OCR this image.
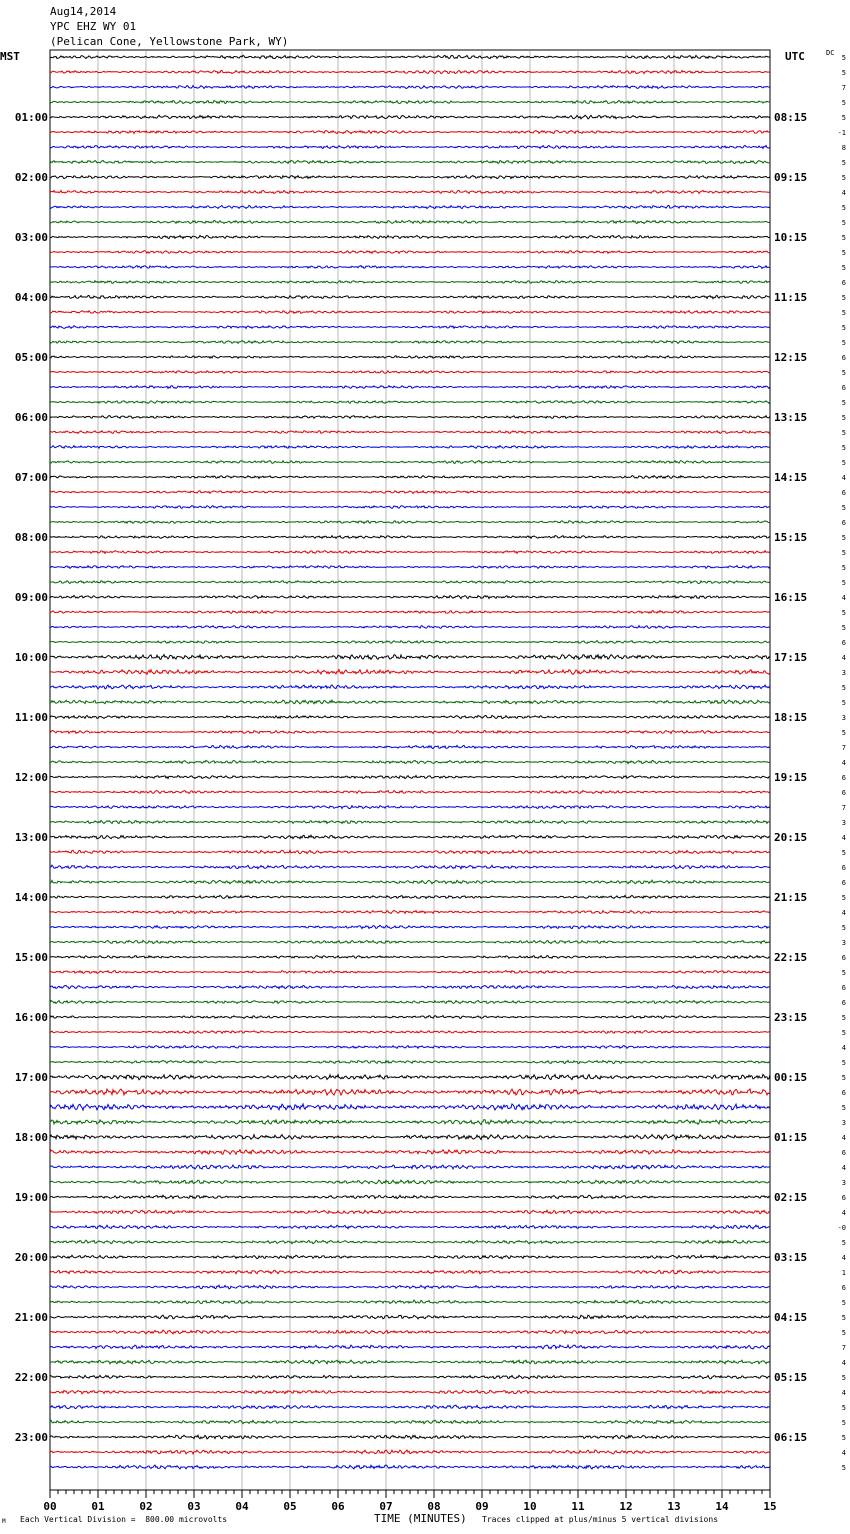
Aug14,2014
YPC EHZ WY 01
(Pelican Cone, Yellowstone Park, WY)
MST	UTC	DC
01:00
02:00
03:00
04:00
05:00
06:00
07:00
08:00
09:00
10:00
11:00
12:00
13:00
14:00
15:00
16:00
17:00
18:00
19:00
20:00
21:00
22:00
23:00
08:15
09:15
10:15
11:15
12:15
13:15
14:15
15:15
16:15
17:15
18:15
19:15
20:15
21:15
22:15
23:15
00:15
01:15
02:15
03:15
04:15
05:15
06:15
5
5
7
5
5
-1
8
5
5
4
5
5
5
5
5
6
5
5
5
5
6
5
6
5
5
5
5
5
4
6
5
6
5
5
5
5
4
5
5
6
4
3
5
5
3
5
7
4
6
6
7
3
4
5
6
6
5
4
5
3
6
5
6
6
5
5
4
5
5
6
5
3
4
6
4
3
6
4
-0
5
4
1
6
5
5
5
7
4
5
4
5
5
5
4
5
00	01	02	03	04	05	06	07	08	09	10	11	12	13	14	15
M Each Vertical Division =  800.00 microvolts	TIME (MINUTES) Traces clipped at plus/minus 5 vertical divisions
